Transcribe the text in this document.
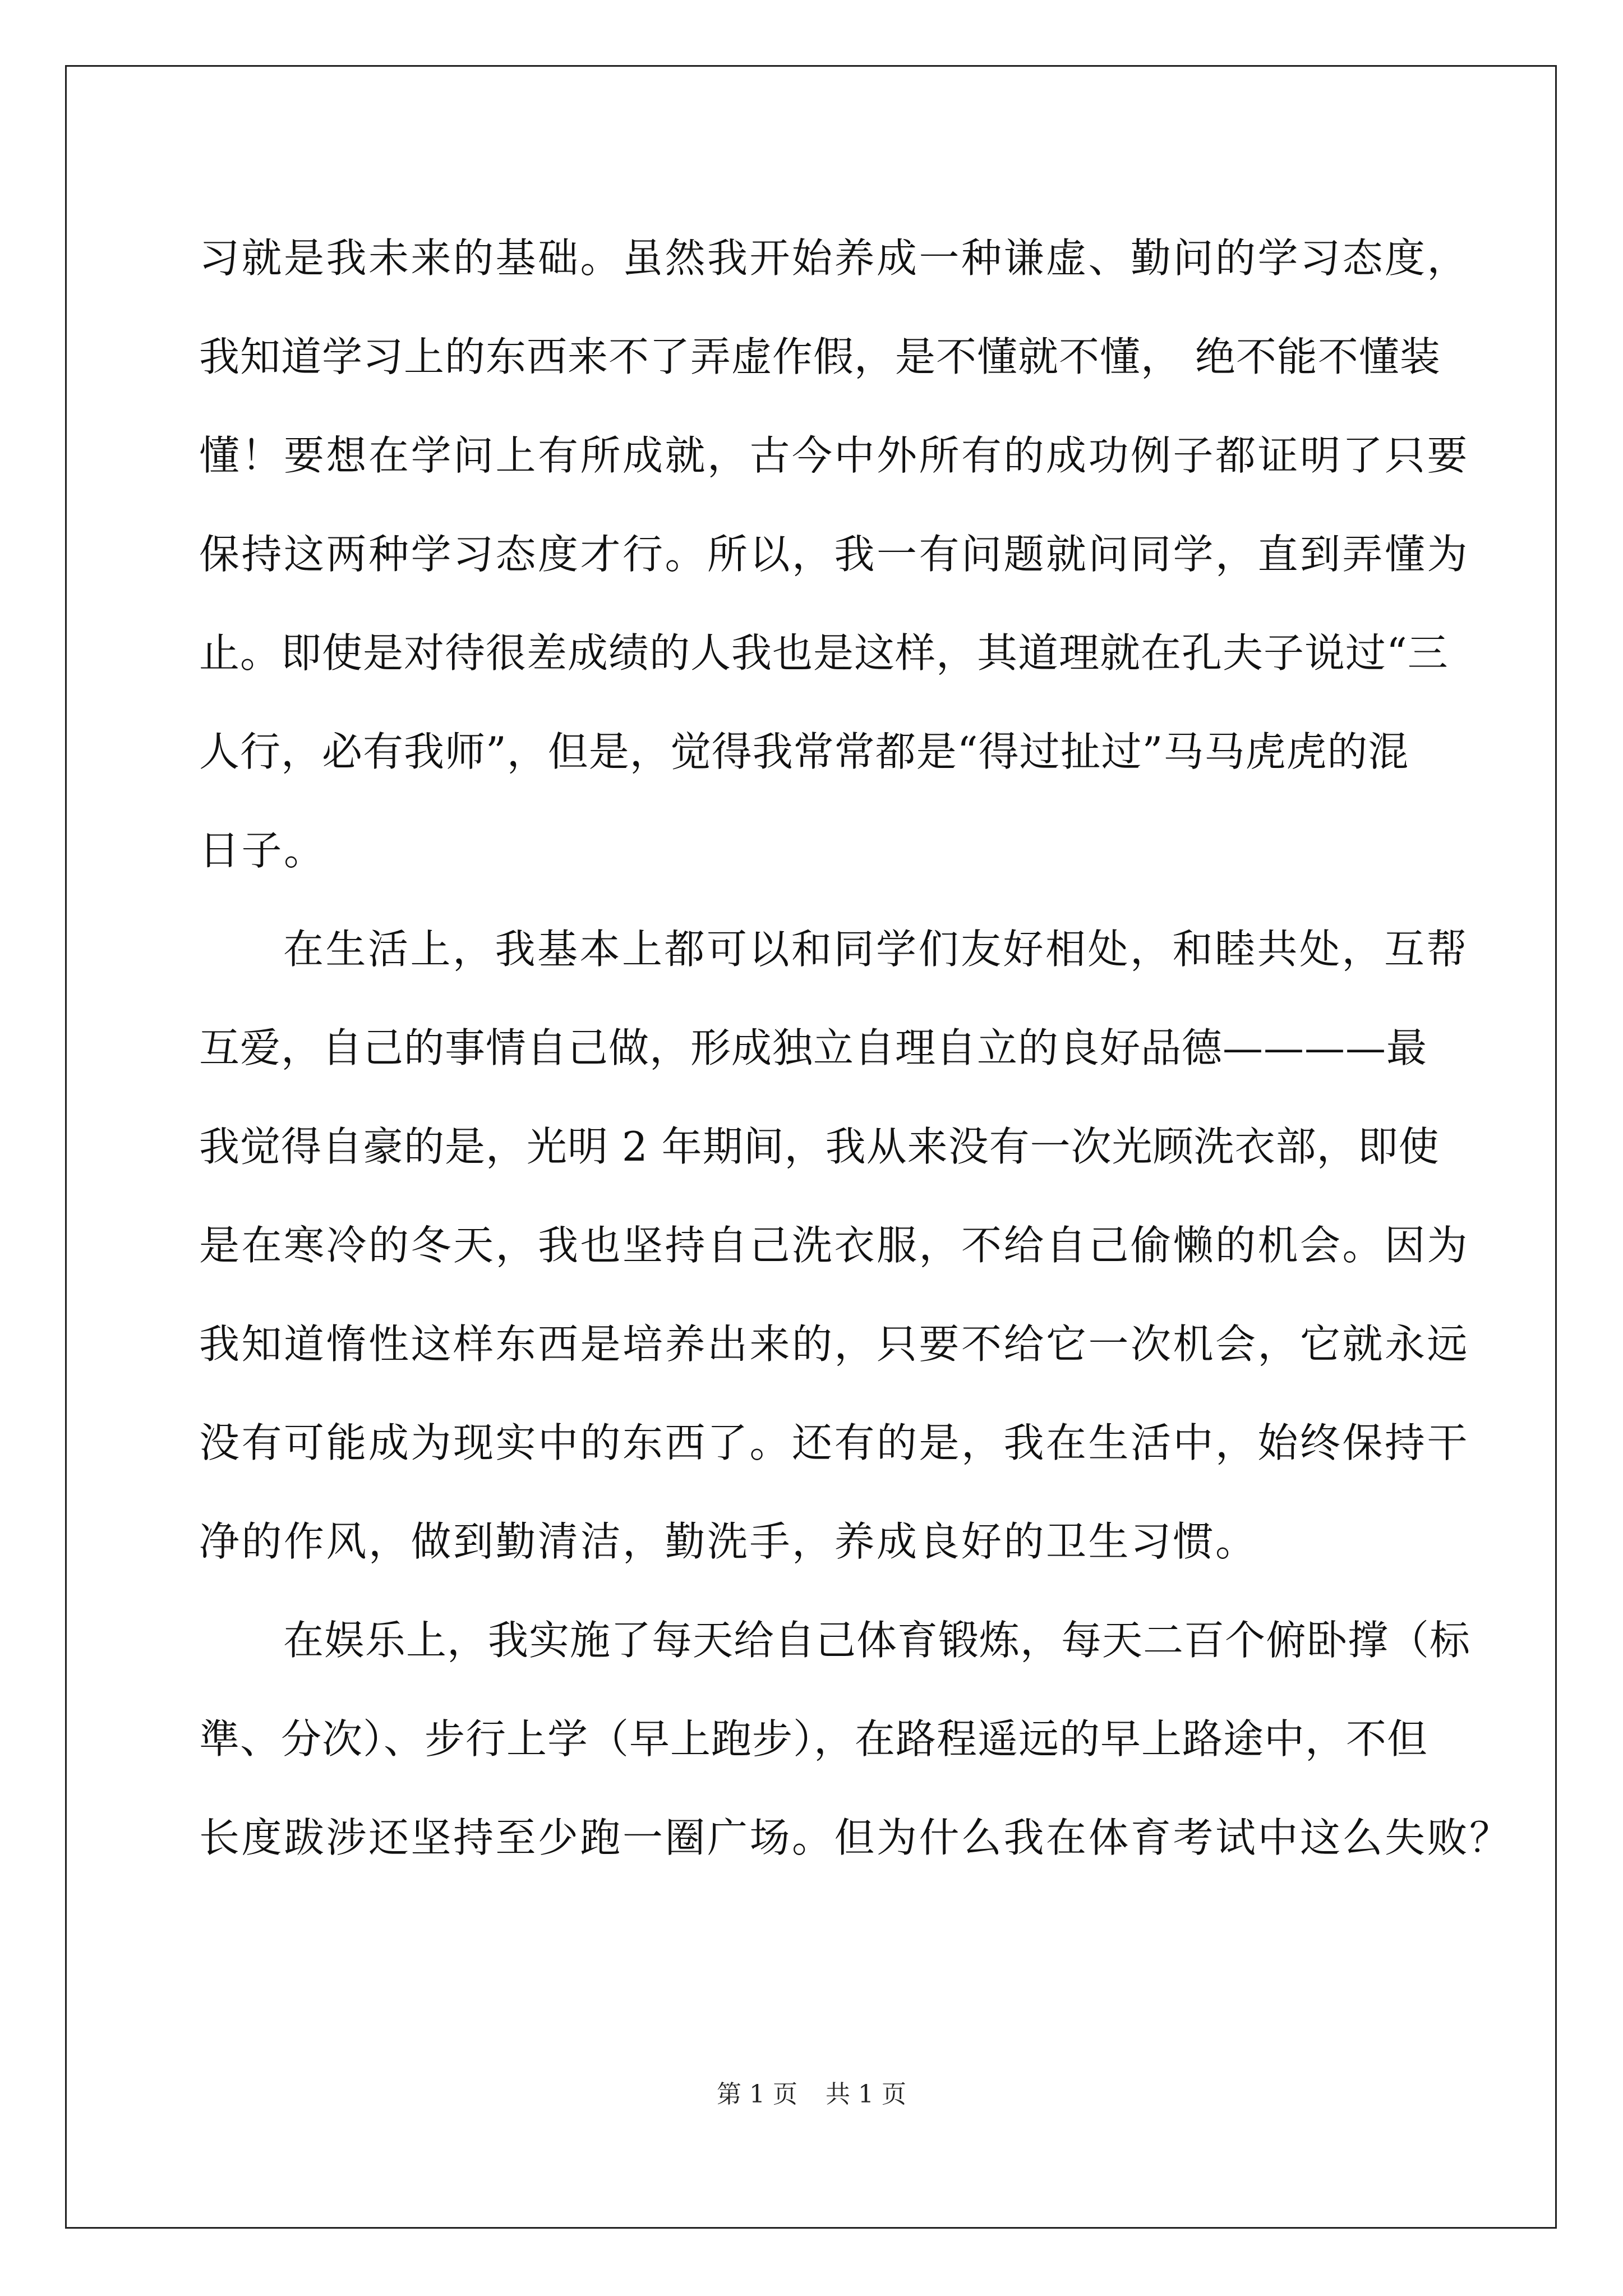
习就是我未来的基础。虽然我开始养成一种谦虚、勤问的学习态度，
我知道学习上的东西来不了弄虚作假，是不懂就不懂， 绝不能不懂装
懂！要想在学问上有所成就，古今中外所有的成功例子都证明了只要
保持这两种学习态度才行。所以，我一有问题就问同学，直到弄懂为
止。即使是对待很差成绩的人我也是这样，其道理就在孔夫子说过“三
人行，必有我师”，但是，觉得我常常都是“得过扯过”马马虎虎的混
日子。
在生活上，我基本上都可以和同学们友好相处，和睦共处，互帮
互爱，自己的事情自己做，形成独立自理自立的良好品德————最
我觉得自豪的是，光明 2 年期间，我从来没有一次光顾洗衣部，即使
是在寒冷的冬天，我也坚持自己洗衣服，不给自己偷懒的机会。因为
我知道惰性这样东西是培养出来的，只要不给它一次机会，它就永远
没有可能成为现实中的东西了。还有的是，我在生活中，始终保持干
净的作风，做到勤清洁，勤洗手，养成良好的卫生习惯。
在娱乐上，我实施了每天给自己体育锻炼，每天二百个俯卧撑（标
準、分次）、步行上学（早上跑步），在路程遥远的早上路途中，不但
长度跋涉还坚持至少跑一圈广场。但为什么我在体育考试中这么失败？
第 1 页 共 1 页
